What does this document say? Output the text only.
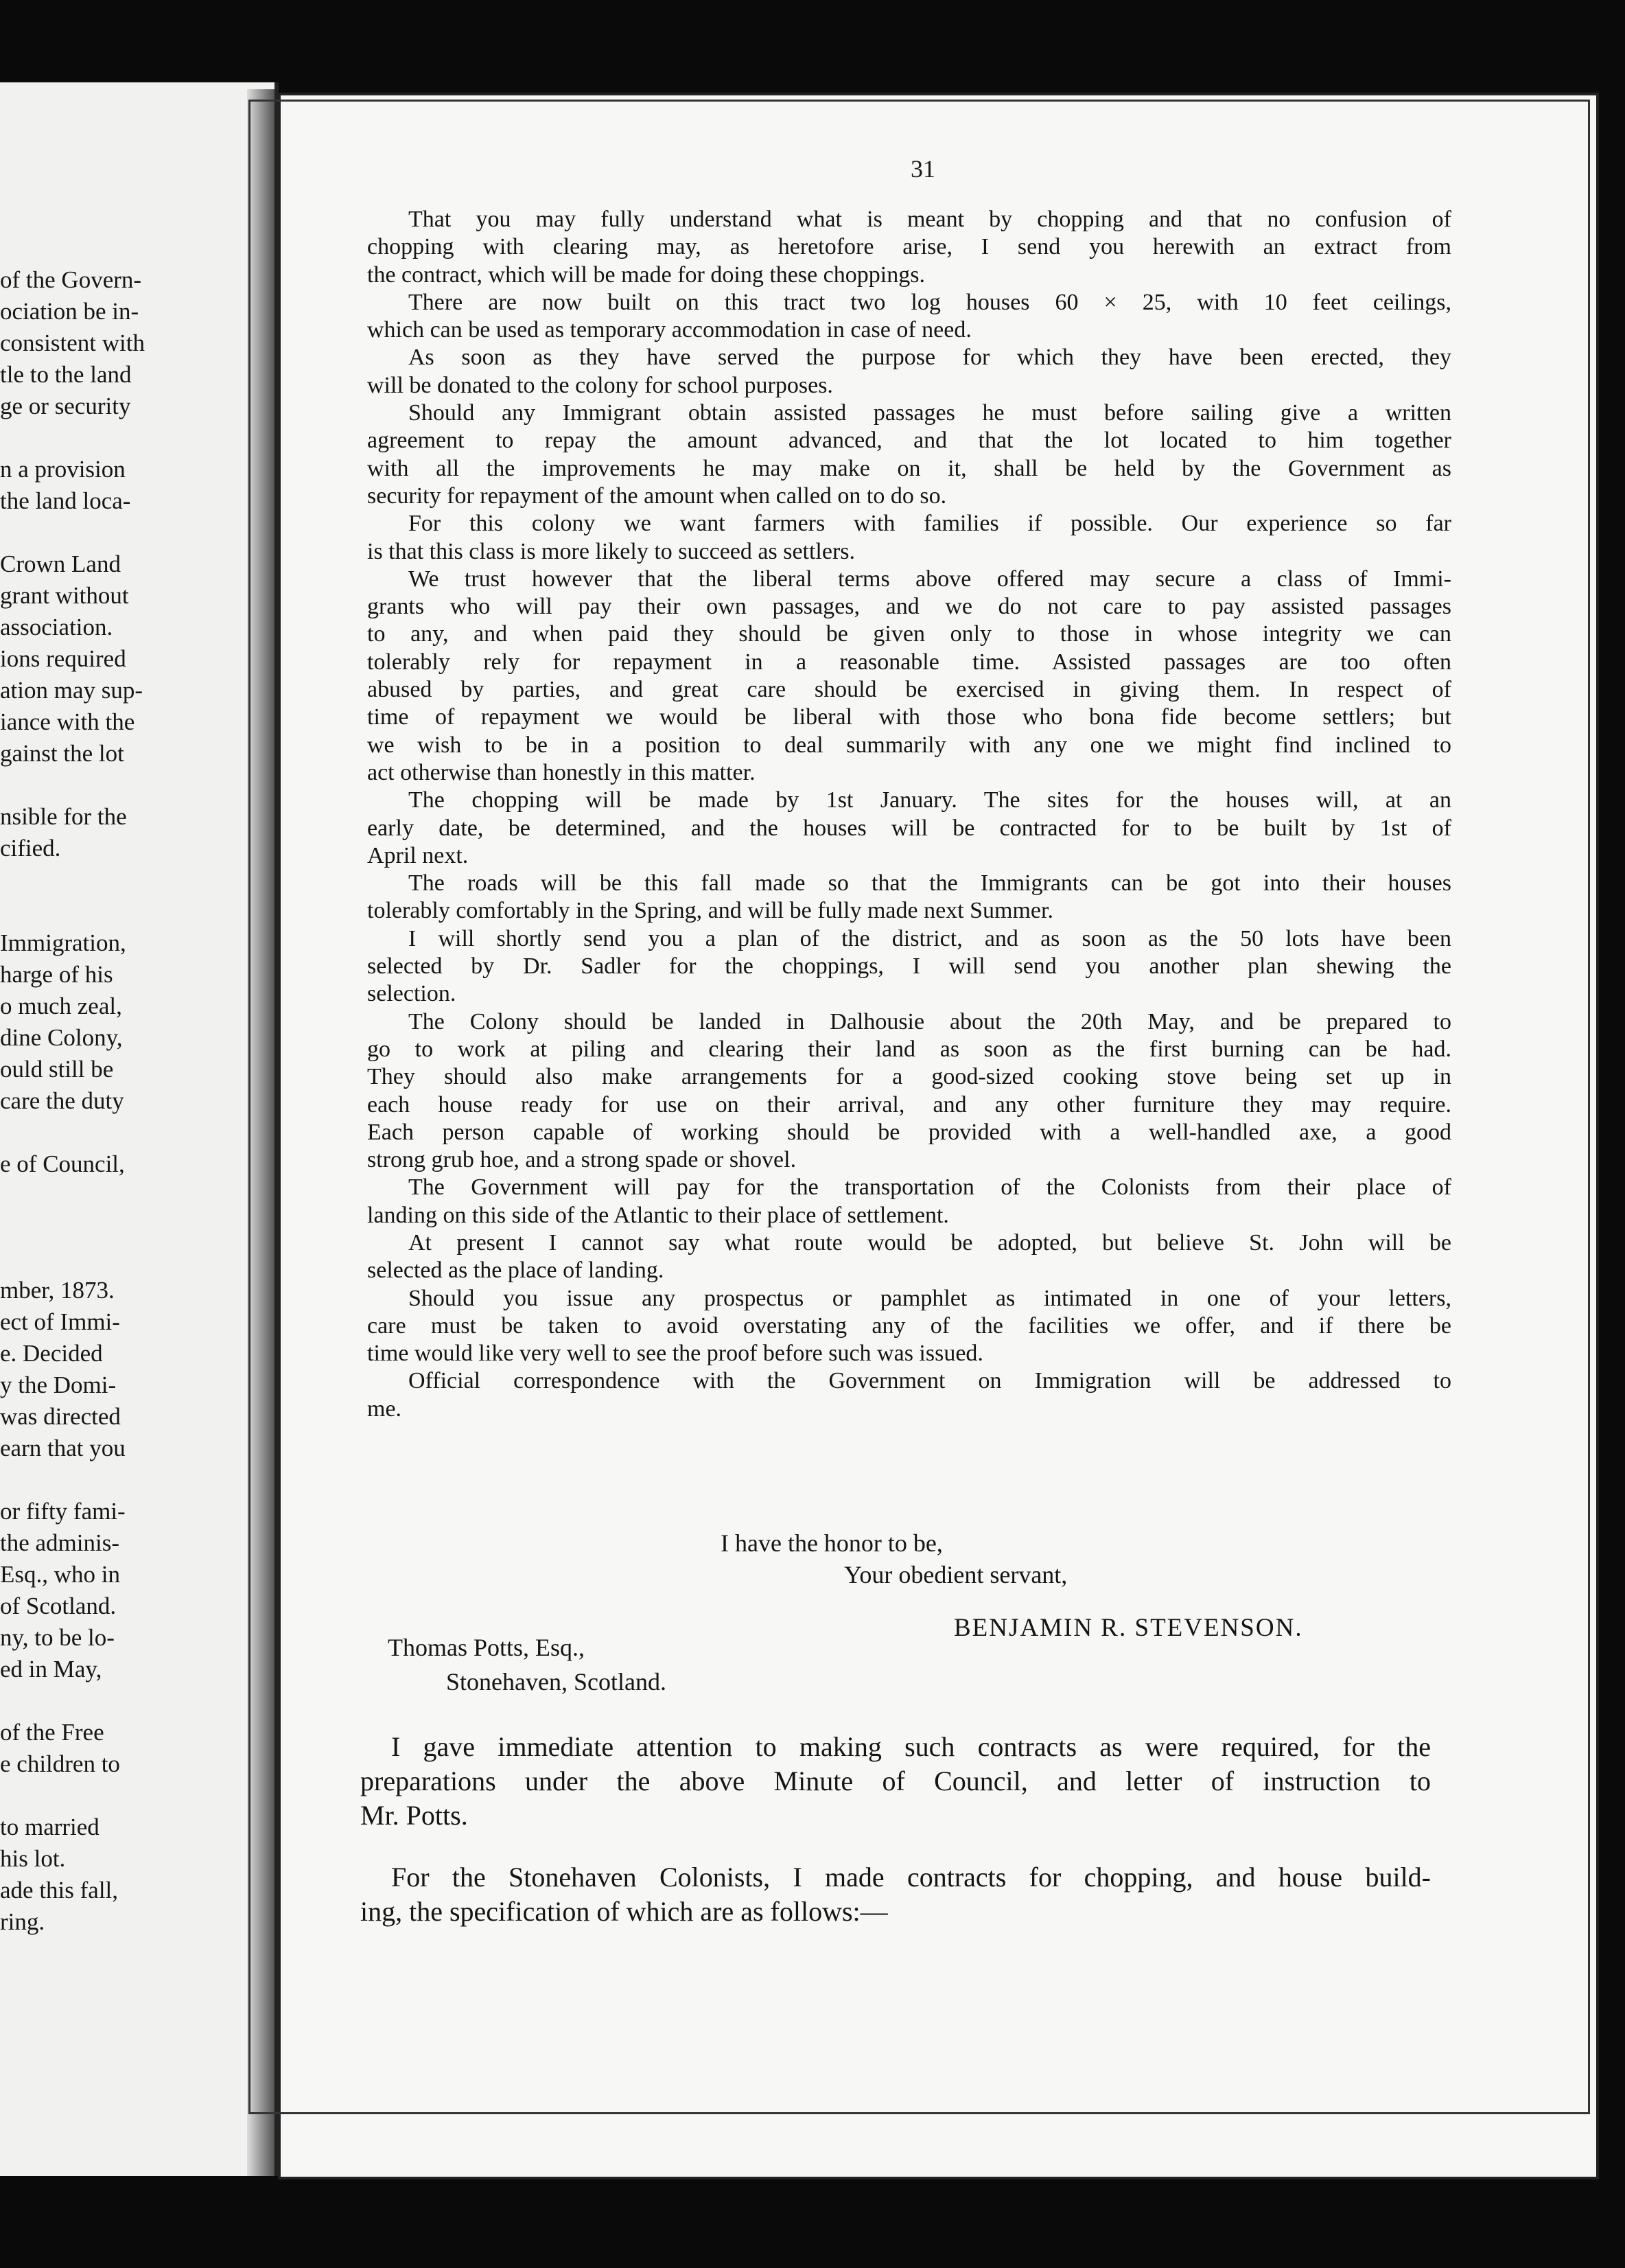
of the Govern-
ociation be in-
consistent with
tle to the land
ge or security
n a provision
the land loca-
Crown Land
grant without
association.
ions required
ation may sup-
iance with the
gainst the lot
nsible for the
cified.
Immigration,
harge of his
o much zeal,
dine Colony,
ould still be
care the duty
e of Council,
mber, 1873.
ect of Immi-
e. Decided
y the Domi-
was directed
earn that you
or fifty fami-
the adminis-
Esq., who in
of Scotland.
ny, to be lo-
ed in May,
of the Free
e children to
to married
his lot.
ade this fall,
ring.
31
That you may fully understand what is meant by chopping and that no confusion of
chopping with clearing may, as heretofore arise, I send you herewith an extract from
the contract, which will be made for doing these choppings.
There are now built on this tract two log houses 60 × 25, with 10 feet ceilings,
which can be used as temporary accommodation in case of need.
As soon as they have served the purpose for which they have been erected, they
will be donated to the colony for school purposes.
Should any Immigrant obtain assisted passages he must before sailing give a written
agreement to repay the amount advanced, and that the lot located to him together
with all the improvements he may make on it, shall be held by the Government as
security for repayment of the amount when called on to do so.
For this colony we want farmers with families if possible. Our experience so far
is that this class is more likely to succeed as settlers.
We trust however that the liberal terms above offered may secure a class of Immi-
grants who will pay their own passages, and we do not care to pay assisted passages
to any, and when paid they should be given only to those in whose integrity we can
tolerably rely for repayment in a reasonable time. Assisted passages are too often
abused by parties, and great care should be exercised in giving them. In respect of
time of repayment we would be liberal with those who bona fide become settlers; but
we wish to be in a position to deal summarily with any one we might find inclined to
act otherwise than honestly in this matter.
The chopping will be made by 1st January. The sites for the houses will, at an
early date, be determined, and the houses will be contracted for to be built by 1st of
April next.
The roads will be this fall made so that the Immigrants can be got into their houses
tolerably comfortably in the Spring, and will be fully made next Summer.
I will shortly send you a plan of the district, and as soon as the 50 lots have been
selected by Dr. Sadler for the choppings, I will send you another plan shewing the
selection.
The Colony should be landed in Dalhousie about the 20th May, and be prepared to
go to work at piling and clearing their land as soon as the first burning can be had.
They should also make arrangements for a good-sized cooking stove being set up in
each house ready for use on their arrival, and any other furniture they may require.
Each person capable of working should be provided with a well-handled axe, a good
strong grub hoe, and a strong spade or shovel.
The Government will pay for the transportation of the Colonists from their place of
landing on this side of the Atlantic to their place of settlement.
At present I cannot say what route would be adopted, but believe St. John will be
selected as the place of landing.
Should you issue any prospectus or pamphlet as intimated in one of your letters,
care must be taken to avoid overstating any of the facilities we offer, and if there be
time would like very well to see the proof before such was issued.
Official correspondence with the Government on Immigration will be addressed to
me.
I have the honor to be,
Your obedient servant,
BENJAMIN R. STEVENSON.
Thomas Potts, Esq.,
Stonehaven, Scotland.
I gave immediate attention to making such contracts as were required, for the
preparations under the above Minute of Council, and letter of instruction to
Mr. Potts.
For the Stonehaven Colonists, I made contracts for chopping, and house build-
ing, the specification of which are as follows:—
